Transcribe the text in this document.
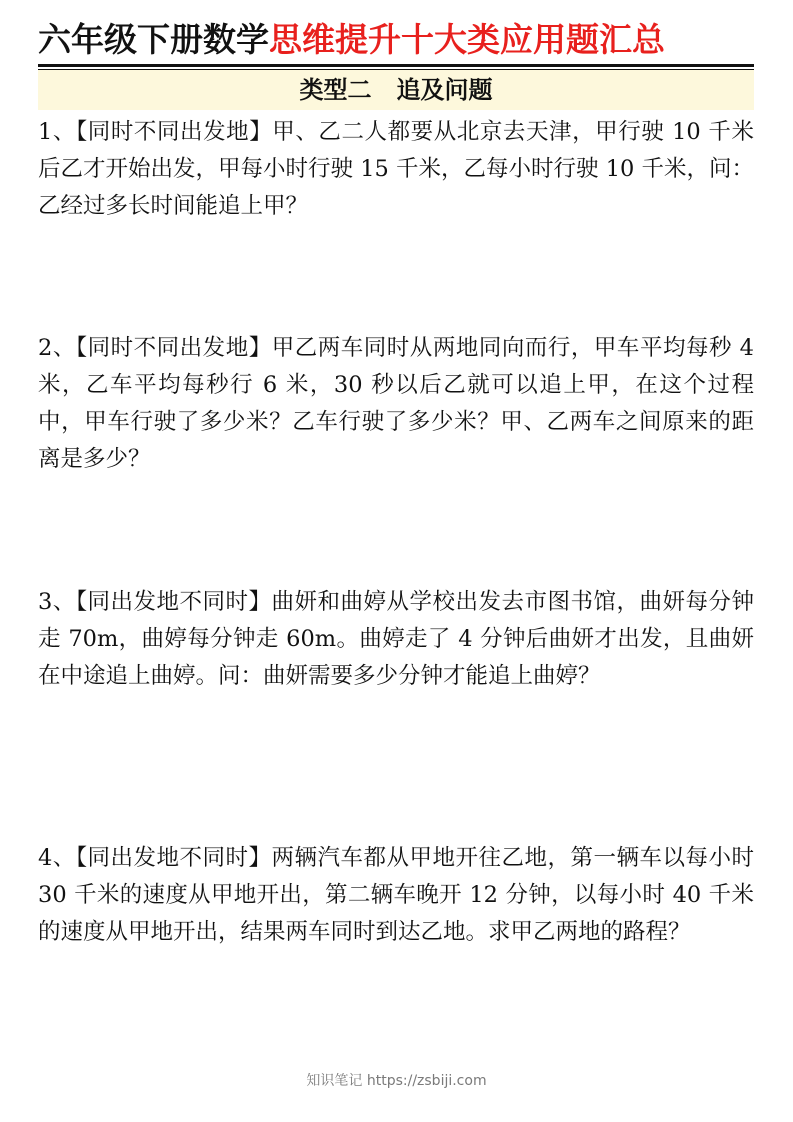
六年级下册数学思维提升十大类应用题汇总
类型二   追及问题
1、【同时不同出发地】甲、乙二人都要从北京去天津，甲行驶 10 千米后乙才开始出发，甲每小时行驶 15 千米，乙每小时行驶 10 千米，问：乙经过多长时间能追上甲？
2、【同时不同出发地】甲乙两车同时从两地同向而行，甲车平均每秒 4 米，乙车平均每秒行 6 米，30 秒以后乙就可以追上甲，在这个过程中，甲车行驶了多少米？乙车行驶了多少米？甲、乙两车之间原来的距离是多少？
3、【同出发地不同时】曲妍和曲婷从学校出发去市图书馆，曲妍每分钟走 70m，曲婷每分钟走 60m。曲婷走了 4 分钟后曲妍才出发，且曲妍在中途追上曲婷。问：曲妍需要多少分钟才能追上曲婷？
4、【同出发地不同时】两辆汽车都从甲地开往乙地，第一辆车以每小时 30 千米的速度从甲地开出，第二辆车晚开 12 分钟，以每小时 40 千米的速度从甲地开出，结果两车同时到达乙地。求甲乙两地的路程？
知识笔记 https://zsbiji.com
